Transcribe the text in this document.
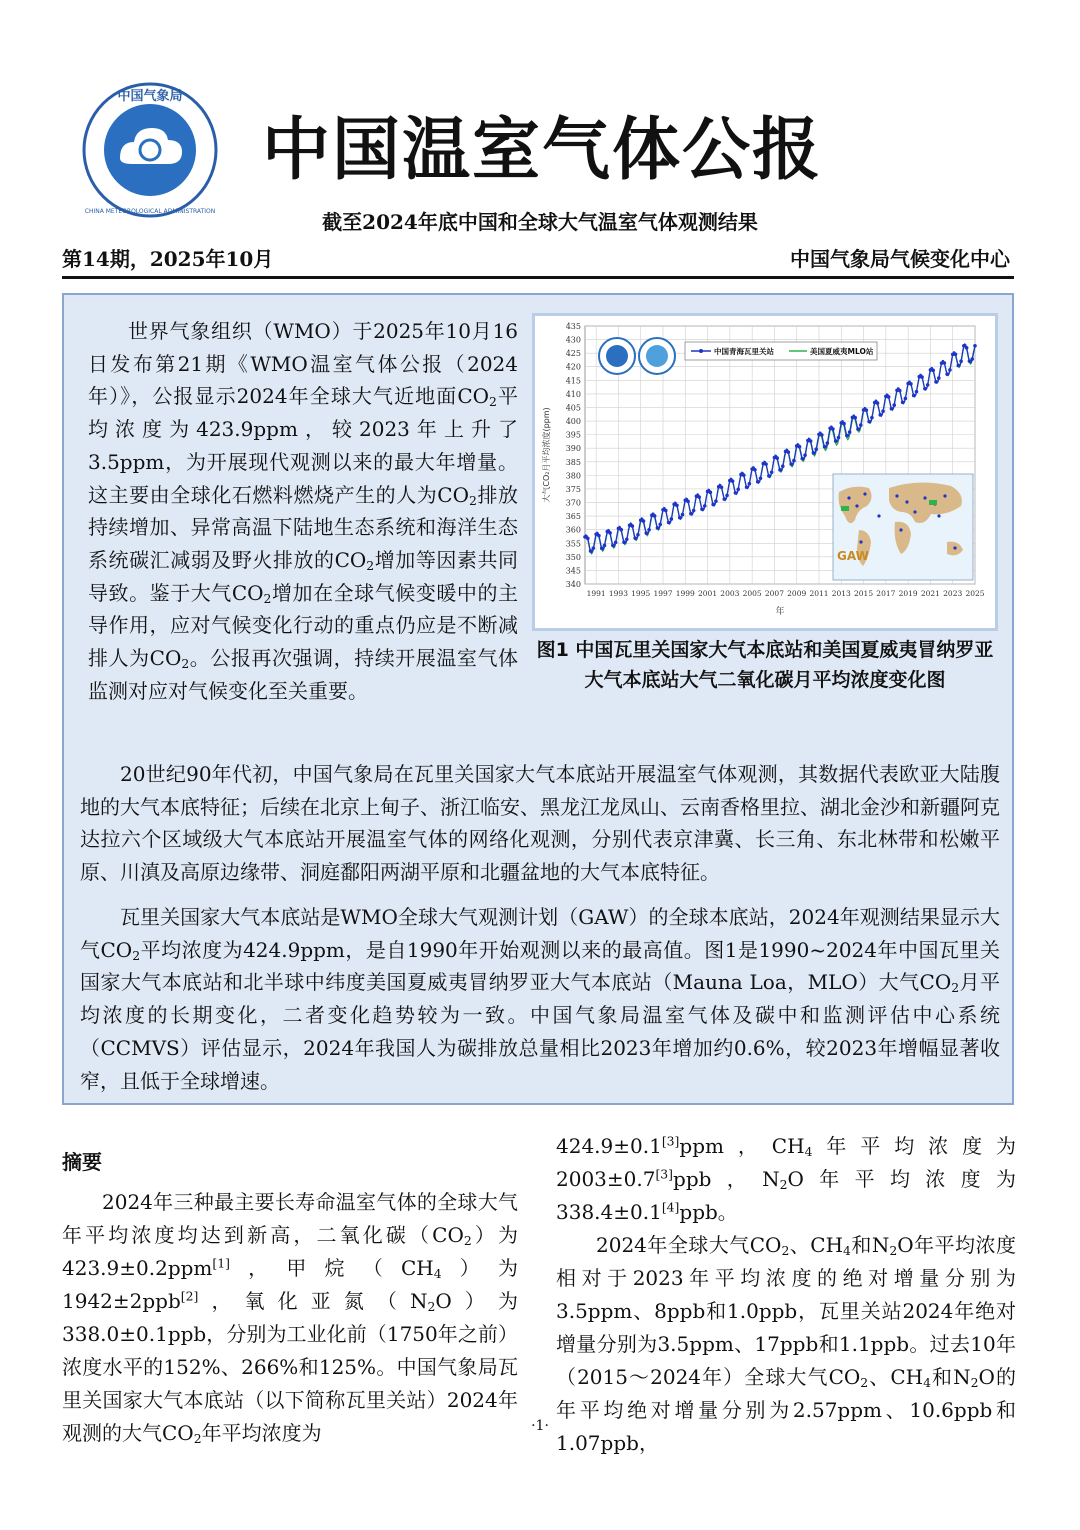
中国气象局
CHINA METEOROLOGICAL ADMINISTRATION
中国温室气体公报
截至2024年底中国和全球大气温室气体观测结果
第14期，2025年10月	中国气象局气候变化中心

世界气象组织（WMO）于2025年10月16日发布第21期《WMO温室气体公报（2024年）》，公报显示2024年全球大气近地面$CO_2$平均浓度为423.9ppm，较2023年上升了3.5ppm，为开展现代观测以来的最大年增量。这主要由全球化石燃料燃烧产生的人为$CO_2$排放持续增加、异常高温下陆地生态系统和海洋生态系统碳汇减弱及野火排放的$CO_2$增加等因素共同导致。鉴于大气$CO_2$增加在全球气候变暖中的主导作用，应对气候变化行动的重点仍应是不断减排人为$CO_2$。公报再次强调，持续开展温室气体监测对应对气候变化至关重要。

340
345
350
355
360
365
370
375
380
385
390
395
400
405
410
415
420
425
430
435
1991 1993 1995 1997 1999 2001 2003 2005 2007 2009 2011 2013 2015 2017 2019 2021 2023 2025
大气CO₂月平均浓度(ppm)
年
中国青海瓦里关站	美国夏威夷MLO站
GAW
图1 中国瓦里关国家大气本底站和美国夏威夷冒纳罗亚大气本底站大气二氧化碳月平均浓度变化图

20世纪90年代初，中国气象局在瓦里关国家大气本底站开展温室气体观测，其数据代表欧亚大陆腹地的大气本底特征；后续在北京上甸子、浙江临安、黑龙江龙凤山、云南香格里拉、湖北金沙和新疆阿克达拉六个区域级大气本底站开展温室气体的网络化观测，分别代表京津冀、长三角、东北林带和松嫩平原、川滇及高原边缘带、洞庭鄱阳两湖平原和北疆盆地的大气本底特征。

瓦里关国家大气本底站是WMO全球大气观测计划（GAW）的全球本底站，2024年观测结果显示大气$CO_2$平均浓度为424.9ppm，是自1990年开始观测以来的最高值。图1是1990~2024年中国瓦里关国家大气本底站和北半球中纬度美国夏威夷冒纳罗亚大气本底站（Mauna Loa，MLO）大气$CO_2$月平均浓度的长期变化，二者变化趋势较为一致。中国气象局温室气体及碳中和监测评估中心系统（CCMVS）评估显示，2024年我国人为碳排放总量相比2023年增加约0.6%，较2023年增幅显著收窄，且低于全球增速。

摘要

2024年三种最主要长寿命温室气体的全球大气年平均浓度均达到新高，二氧化碳$(CO_2)$为423.9±0.2ppm[1]，甲烷$(CH_4)$为1942±2ppb[2]，氧化亚氮$(N_2O)$为338.0±0.1ppb，分别为工业化前（1750年之前）浓度水平的152%、266%和125%。中国气象局瓦里关国家大气本底站（以下简称瓦里关站）2024年观测的大气$CO_2$年平均浓度为

424.9±0.1[3]ppm，$CH_4$年平均浓度为2003±0.7[3]ppb，$N_2O$年平均浓度为338.4±0.1[4]ppb。

2024年全球大气$CO_2$、$CH_4$和$N_2O$年平均浓度相对于2023年平均浓度的绝对增量分别为3.5ppm、8ppb和1.0ppb，瓦里关站2024年绝对增量分别为3.5ppm、17ppb和1.1ppb。过去10年（2015～2024年）全球大气$CO_2$、$CH_4$和$N_2O$的年平均绝对增量分别为2.57ppm、10.6ppb和1.07ppb，

·1·
